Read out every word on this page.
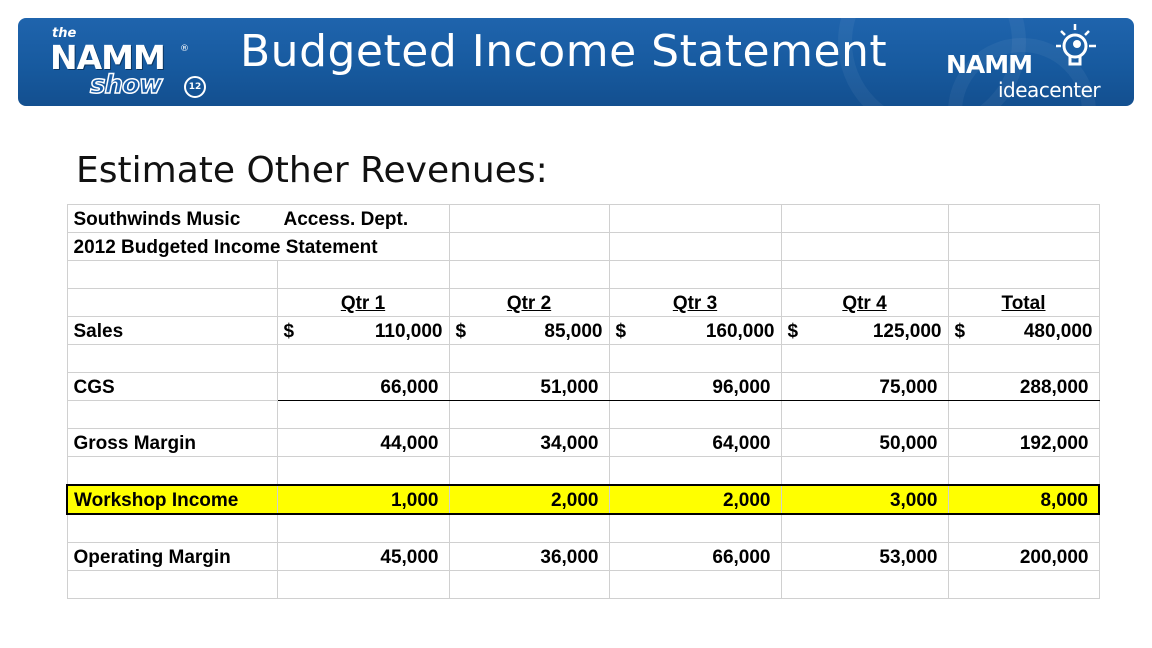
the
NAMM ®
show	12
Budgeted Income Statement NAMM
ideacenter
Estimate Other Revenues:
Southwinds Music	Access. Dept.				
2012 Budgeted Income Statement					

	Qtr 1	Qtr 2	Qtr 3	Qtr 4	Total
Sales	$ 110,000	$ 85,000	$ 160,000	$ 125,000	$ 480,000

CGS	66,000	51,000	96,000	75,000	288,000

Gross Margin	44,000	34,000	64,000	50,000	192,000

Workshop Income	1,000	2,000	2,000	3,000	8,000

Operating Margin	45,000	36,000	66,000	53,000	200,000
